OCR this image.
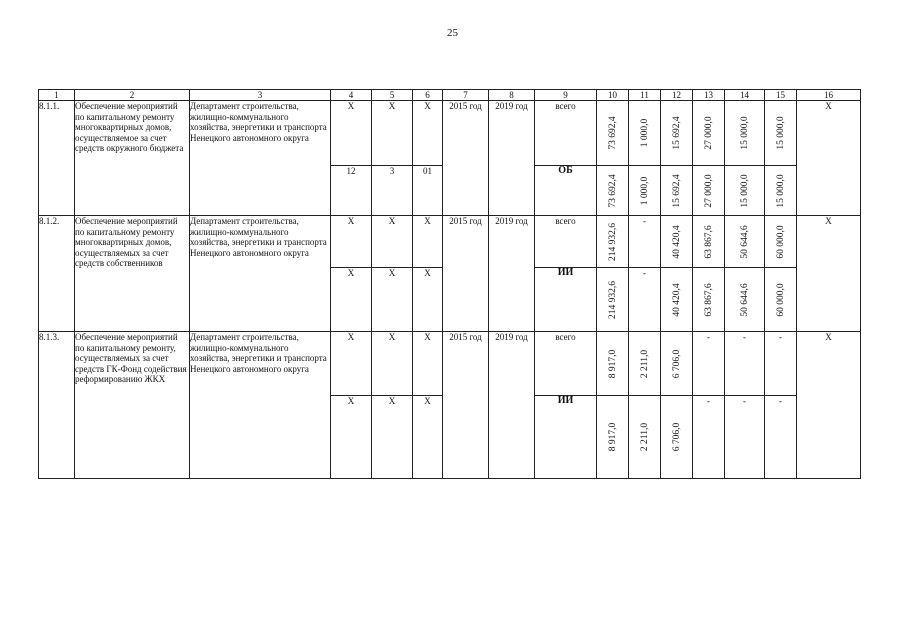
25
1	2	3	4	5	6	7	8	9	10	11	12	13	14	15	16
8.1.1.	Обеспечение мероприятий по капитальному ремонту многоквартирных домов, осуществляемое за счет средств окружного бюджета	Департамент строительства, жилищно-коммунального хозяйства, энергетики и транспорта Ненецкого автономного округа	Х	Х	Х	2015 год	2019 год	всего	73 692,4	1 000,0	15 692,4	27 000,0	15 000,0	15 000,0	Х
			12	3	01			ОБ	73 692,4	1 000,0	15 692,4	27 000,0	15 000,0	15 000,0	

8.1.2.	Обеспечение мероприятий по капитальному ремонту многоквартирных домов, осуществляемых за счет средств собственников	Департамент строительства, жилищно-коммунального хозяйства, энергетики и транспорта Ненецкого автономного округа	Х	Х	Х	2015 год	2019 год	всего	214 932,6	-	40 420,4	63 867,6	50 644,6	60 000,0	Х
			Х	Х	Х			ИИ	214 932,6	-	40 420,4	63 867,6	50 644,6	60 000,0	

8.1.3.	Обеспечение мероприятий по капитальному ремонту, осуществляемых за счет средств ГК-Фонд содействия реформированию ЖКХ	Департамент строительства, жилищно-коммунального хозяйства, энергетики и транспорта Ненецкого автономного округа	Х	Х	Х	2015 год	2019 год	всего	8 917,0	2 211,0	6 706,0	-	-	-	Х
			Х	Х	Х			ИИ	8 917,0	2 211,0	6 706,0	-	-	-	
